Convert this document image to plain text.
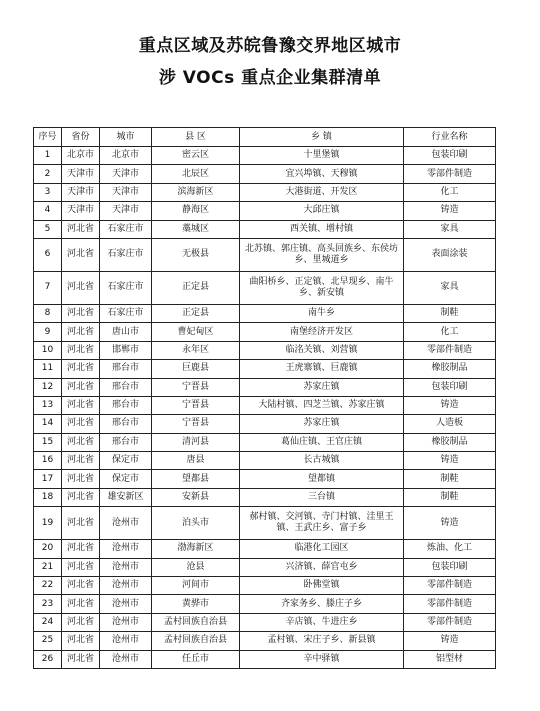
重点区域及苏皖鲁豫交界地区城市
涉 VOCs 重点企业集群清单
序号	省份	城市	县 区	乡 镇	行业名称
1	北京市	北京市	密云区	十里堡镇	包装印刷
2	天津市	天津市	北辰区	宜兴埠镇、天穆镇	零部件制造
3	天津市	天津市	滨海新区	大港街道、开发区	化工
4	天津市	天津市	静海区	大邱庄镇	铸造
5	河北省	石家庄市	藁城区	西关镇、增村镇	家具
6	河北省	石家庄市	无极县	北苏镇、郭庄镇、高头回族乡、东侯坊乡、里城道乡	表面涂装
7	河北省	石家庄市	正定县	曲阳桥乡、正定镇、北早现乡、南牛乡、新安镇	家具
8	河北省	石家庄市	正定县	南牛乡	制鞋
9	河北省	唐山市	曹妃甸区	南堡经济开发区	化工
10	河北省	邯郸市	永年区	临洺关镇、刘营镇	零部件制造
11	河北省	邢台市	巨鹿县	王虎寨镇、巨鹿镇	橡胶制品
12	河北省	邢台市	宁晋县	苏家庄镇	包装印刷
13	河北省	邢台市	宁晋县	大陆村镇、四芝兰镇、苏家庄镇	铸造
14	河北省	邢台市	宁晋县	苏家庄镇	人造板
15	河北省	邢台市	清河县	葛仙庄镇、王官庄镇	橡胶制品
16	河北省	保定市	唐县	长古城镇	铸造
17	河北省	保定市	望都县	望都镇	制鞋
18	河北省	雄安新区	安新县	三台镇	制鞋
19	河北省	沧州市	泊头市	郝村镇、交河镇、寺门村镇、洼里王镇、王武庄乡、富子乡	铸造
20	河北省	沧州市	渤海新区	临港化工园区	炼油、化工
21	河北省	沧州市	沧县	兴济镇、薛官屯乡	包装印刷
22	河北省	沧州市	河间市	卧佛堂镇	零部件制造
23	河北省	沧州市	黄骅市	齐家务乡、滕庄子乡	零部件制造
24	河北省	沧州市	孟村回族自治县	辛店镇、牛进庄乡	零部件制造
25	河北省	沧州市	孟村回族自治县	孟村镇、宋庄子乡、新县镇	铸造
26	河北省	沧州市	任丘市	辛中驿镇	铝型材
